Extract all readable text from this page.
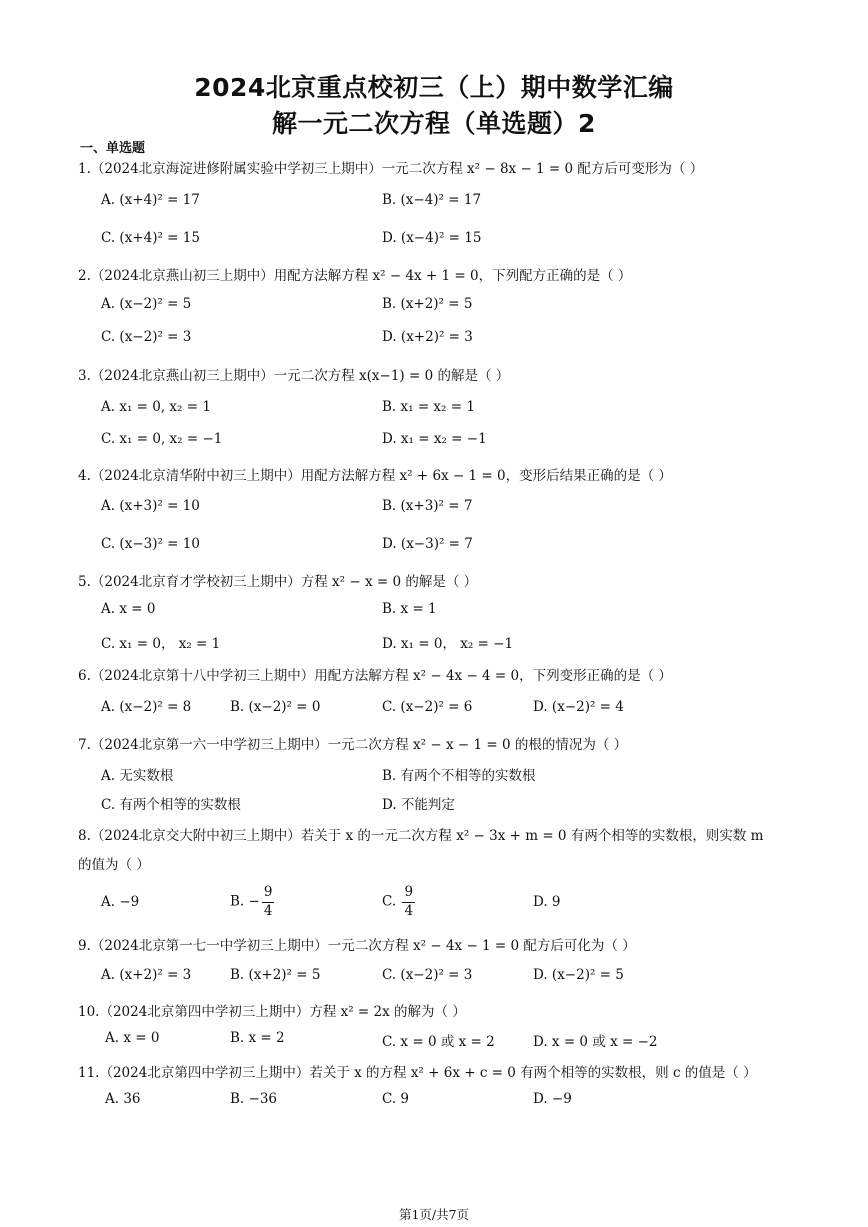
2024北京重点校初三（上）期中数学汇编
解一元二次方程（单选题）2
一、单选题
1.（2024北京海淀进修附属实验中学初三上期中）一元二次方程 x² − 8x − 1 = 0 配方后可变形为（ ）
A. (x+4)² = 17	B. (x−4)² = 17
C. (x+4)² = 15	D. (x−4)² = 15
2.（2024北京燕山初三上期中）用配方法解方程 x² − 4x + 1 = 0，下列配方正确的是（ ）
A. (x−2)² = 5	B. (x+2)² = 5
C. (x−2)² = 3	D. (x+2)² = 3
3.（2024北京燕山初三上期中）一元二次方程 x(x−1) = 0 的解是（ ）
A. x₁ = 0, x₂ = 1	B. x₁ = x₂ = 1
C. x₁ = 0, x₂ = −1	D. x₁ = x₂ = −1
4.（2024北京清华附中初三上期中）用配方法解方程 x² + 6x − 1 = 0，变形后结果正确的是（ ）
A. (x+3)² = 10	B. (x+3)² = 7
C. (x−3)² = 10	D. (x−3)² = 7
5.（2024北京育才学校初三上期中）方程 x² − x = 0 的解是（ ）
A. x = 0	B. x = 1
C. x₁ = 0， x₂ = 1	D. x₁ = 0， x₂ = −1
6.（2024北京第十八中学初三上期中）用配方法解方程 x² − 4x − 4 = 0，下列变形正确的是（ ）
A. (x−2)² = 8	B. (x−2)² = 0	C. (x−2)² = 6	D. (x−2)² = 4
7.（2024北京第一六一中学初三上期中）一元二次方程 x² − x − 1 = 0 的根的情况为（ ）
A. 无实数根	B. 有两个不相等的实数根
C. 有两个相等的实数根	D. 不能判定
8.（2024北京交大附中初三上期中）若关于 x 的一元二次方程 x² − 3x + m = 0 有两个相等的实数根，则实数 m
的值为（ ）
A. −9	B. − $\frac{9}{4}$	C. $\frac{9}{4}$	D. 9
9.（2024北京第一七一中学初三上期中）一元二次方程 x² − 4x − 1 = 0 配方后可化为（ ）
A. (x+2)² = 3	B. (x+2)² = 5	C. (x−2)² = 3	D. (x−2)² = 5
10.（2024北京第四中学初三上期中）方程 x² = 2x 的解为（ ）
A. x = 0	B. x = 2	C. x = 0 或 x = 2	D. x = 0 或 x = −2
11.（2024北京第四中学初三上期中）若关于 x 的方程 x² + 6x + c = 0 有两个相等的实数根，则 c 的值是（ ）
A. 36	B. −36	C. 9	D. −9
第1页/共7页
